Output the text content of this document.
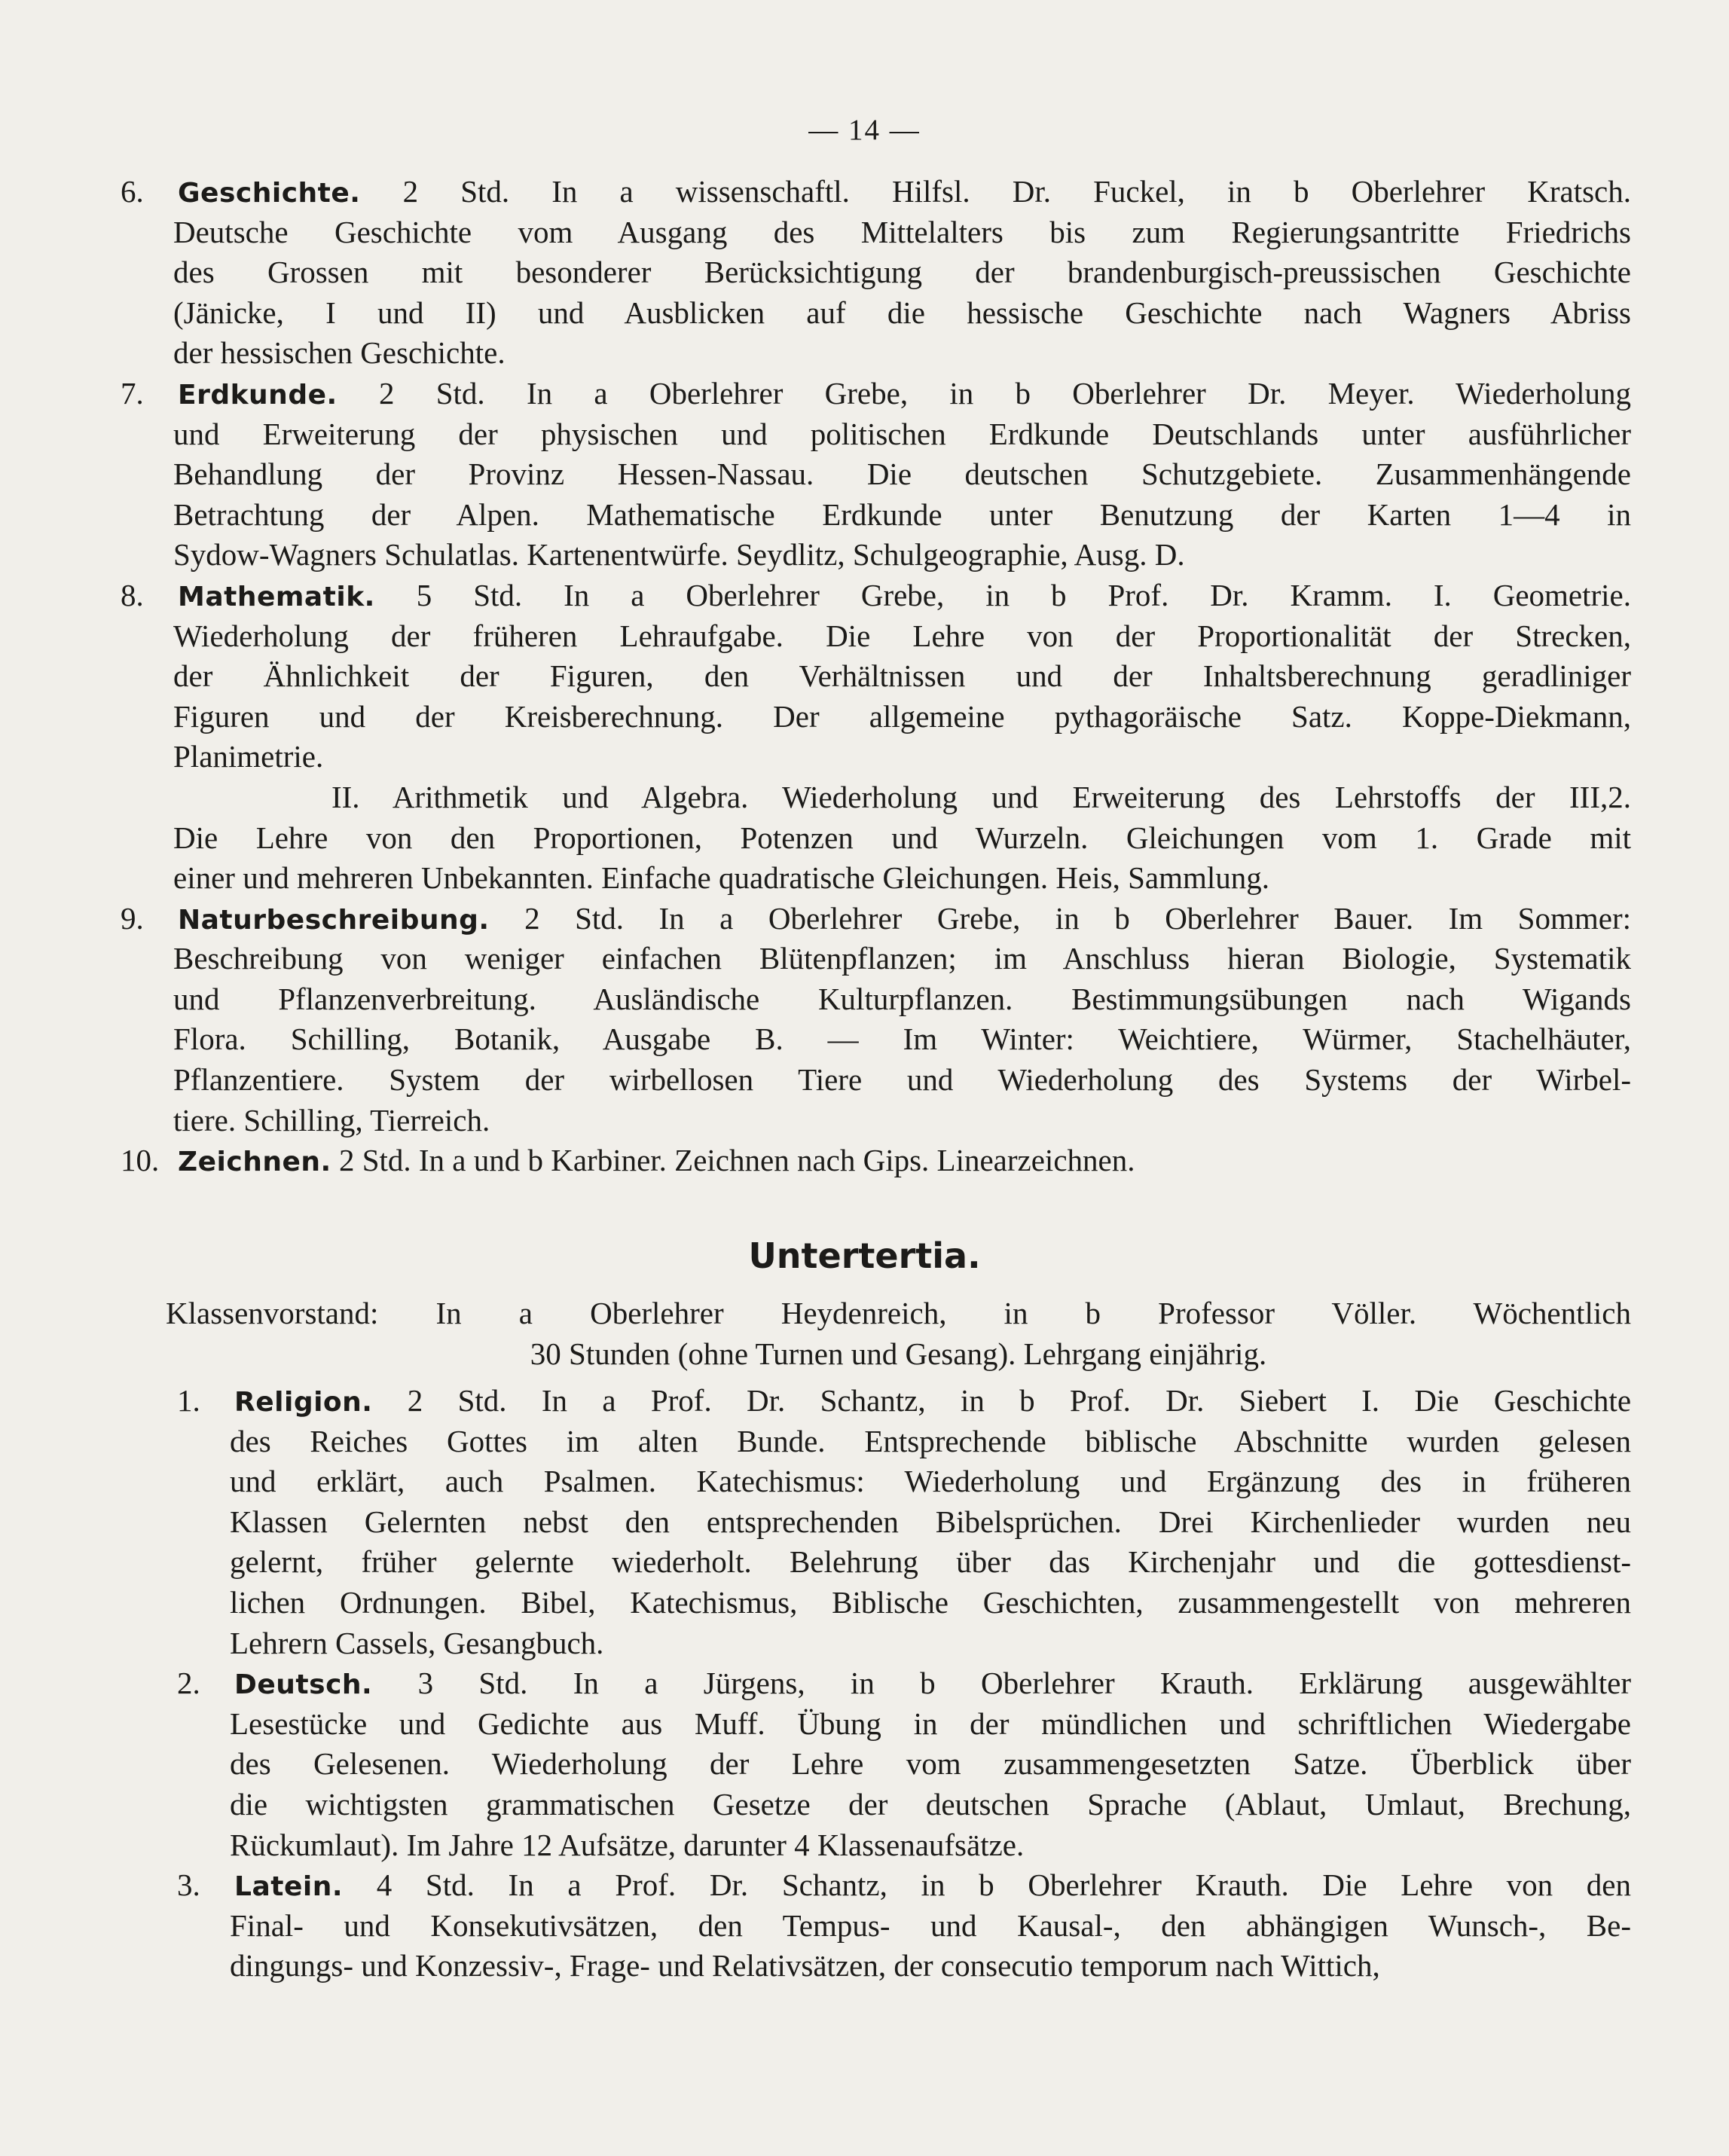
— 14 —
6. Geschichte. 2 Std. In a wissenschaftl. Hilfsl. Dr. Fuckel, in b Oberlehrer Kratsch.
Deutsche Geschichte vom Ausgang des Mittelalters bis zum Regierungsantritte Friedrichs
des Grossen mit besonderer Berücksichtigung der brandenburgisch-preussischen Geschichte
(Jänicke, I und II) und Ausblicken auf die hessische Geschichte nach Wagners Abriss
der hessischen Geschichte.
7. Erdkunde. 2 Std. In a Oberlehrer Grebe, in b Oberlehrer Dr. Meyer. Wiederholung
und Erweiterung der physischen und politischen Erdkunde Deutschlands unter ausführlicher
Behandlung der Provinz Hessen-Nassau. Die deutschen Schutzgebiete. Zusammenhängende
Betrachtung der Alpen. Mathematische Erdkunde unter Benutzung der Karten 1—4 in
Sydow-Wagners Schulatlas. Kartenentwürfe. Seydlitz, Schulgeographie, Ausg. D.
8. Mathematik. 5 Std. In a Oberlehrer Grebe, in b Prof. Dr. Kramm. I. Geometrie.
Wiederholung der früheren Lehraufgabe. Die Lehre von der Proportionalität der Strecken,
der Ähnlichkeit der Figuren, den Verhältnissen und der Inhaltsberechnung geradliniger
Figuren und der Kreisberechnung. Der allgemeine pythagoräische Satz. Koppe-Diekmann,
Planimetrie.
II. Arithmetik und Algebra. Wiederholung und Erweiterung des Lehrstoffs der III,2.
Die Lehre von den Proportionen, Potenzen und Wurzeln. Gleichungen vom 1. Grade mit
einer und mehreren Unbekannten. Einfache quadratische Gleichungen. Heis, Sammlung.
9. Naturbeschreibung. 2 Std. In a Oberlehrer Grebe, in b Oberlehrer Bauer. Im Sommer:
Beschreibung von weniger einfachen Blütenpflanzen; im Anschluss hieran Biologie, Systematik
und Pflanzenverbreitung. Ausländische Kulturpflanzen. Bestimmungsübungen nach Wigands
Flora. Schilling, Botanik, Ausgabe B. — Im Winter: Weichtiere, Würmer, Stachelhäuter,
Pflanzentiere. System der wirbellosen Tiere und Wiederholung des Systems der Wirbel-
tiere. Schilling, Tierreich.
10. Zeichnen. 2 Std. In a und b Karbiner. Zeichnen nach Gips. Linearzeichnen.
Untertertia.
Klassenvorstand: In a Oberlehrer Heydenreich, in b Professor Völler. Wöchentlich
30 Stunden (ohne Turnen und Gesang). Lehrgang einjährig.
1. Religion. 2 Std. In a Prof. Dr. Schantz, in b Prof. Dr. Siebert I. Die Geschichte
des Reiches Gottes im alten Bunde. Entsprechende biblische Abschnitte wurden gelesen
und erklärt, auch Psalmen. Katechismus: Wiederholung und Ergänzung des in früheren
Klassen Gelernten nebst den entsprechenden Bibelsprüchen. Drei Kirchenlieder wurden neu
gelernt, früher gelernte wiederholt. Belehrung über das Kirchenjahr und die gottesdienst-
lichen Ordnungen. Bibel, Katechismus, Biblische Geschichten, zusammengestellt von mehreren
Lehrern Cassels, Gesangbuch.
2. Deutsch. 3 Std. In a Jürgens, in b Oberlehrer Krauth. Erklärung ausgewählter
Lesestücke und Gedichte aus Muff. Übung in der mündlichen und schriftlichen Wiedergabe
des Gelesenen. Wiederholung der Lehre vom zusammengesetzten Satze. Überblick über
die wichtigsten grammatischen Gesetze der deutschen Sprache (Ablaut, Umlaut, Brechung,
Rückumlaut). Im Jahre 12 Aufsätze, darunter 4 Klassenaufsätze.
3. Latein. 4 Std. In a Prof. Dr. Schantz, in b Oberlehrer Krauth. Die Lehre von den
Final- und Konsekutivsätzen, den Tempus- und Kausal-, den abhängigen Wunsch-, Be-
dingungs- und Konzessiv-, Frage- und Relativsätzen, der consecutio temporum nach Wittich,
